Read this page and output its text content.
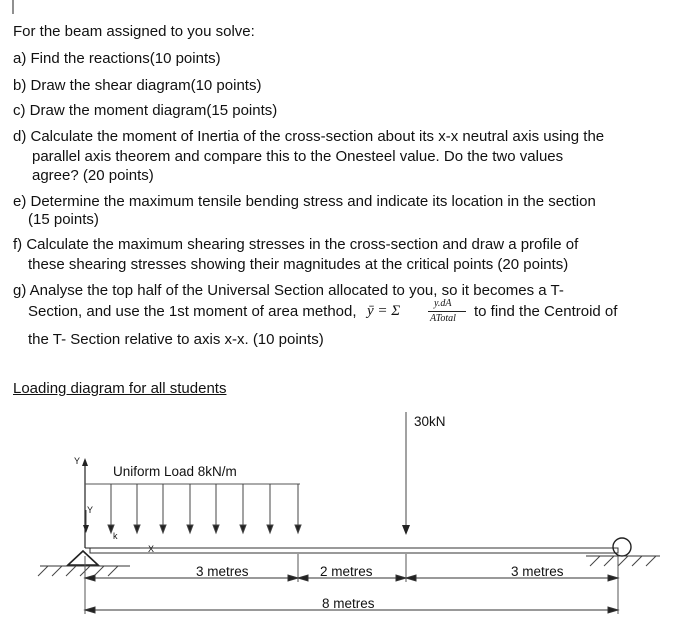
For the beam assigned to you solve:
a) Find the reactions(10 points)
b) Draw the shear diagram(10 points)
c) Draw the moment diagram(15 points)
d) Calculate the moment of Inertia of the cross-section about its x-x neutral axis using the
parallel axis theorem and compare this to the Onesteel value. Do the two values
agree? (20 points)
e) Determine the maximum tensile bending stress and indicate its location in the section
(15 points)
f) Calculate the maximum shearing stresses in the cross-section and draw a profile of
these shearing stresses showing their magnitudes at the critical points (20 points)
g) Analyse the top half of the Universal Section allocated to you, so it becomes a T-
Section, and use the 1st moment of area method, ȳ = Σ	y.dA
ATotal to find the Centroid of
the T- Section relative to axis x-x. (10 points)
Loading diagram for all students
30kN
Uniform Load 8kN/m
Y
Y
k
X
3 metres	2 metres	3 metres
8 metres
